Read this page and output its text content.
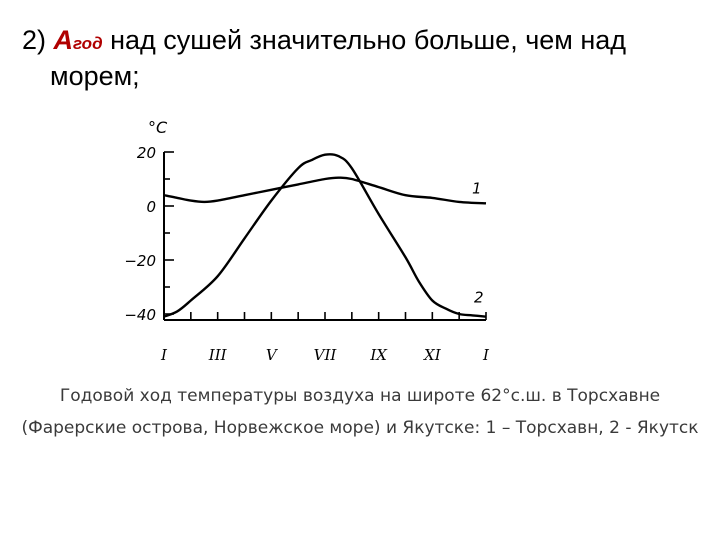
2) Aгод над сушей значительно больше, чем над
морем;
°C
20
0
−20
−40
I	III	V VII IX XI	I
1
2
Годовой ход температуры воздуха на широте 62°с.ш. в Торсхавне
(Фарерские острова, Норвежское море) и Якутске: 1 – Торсхавн, 2 - Якутск
